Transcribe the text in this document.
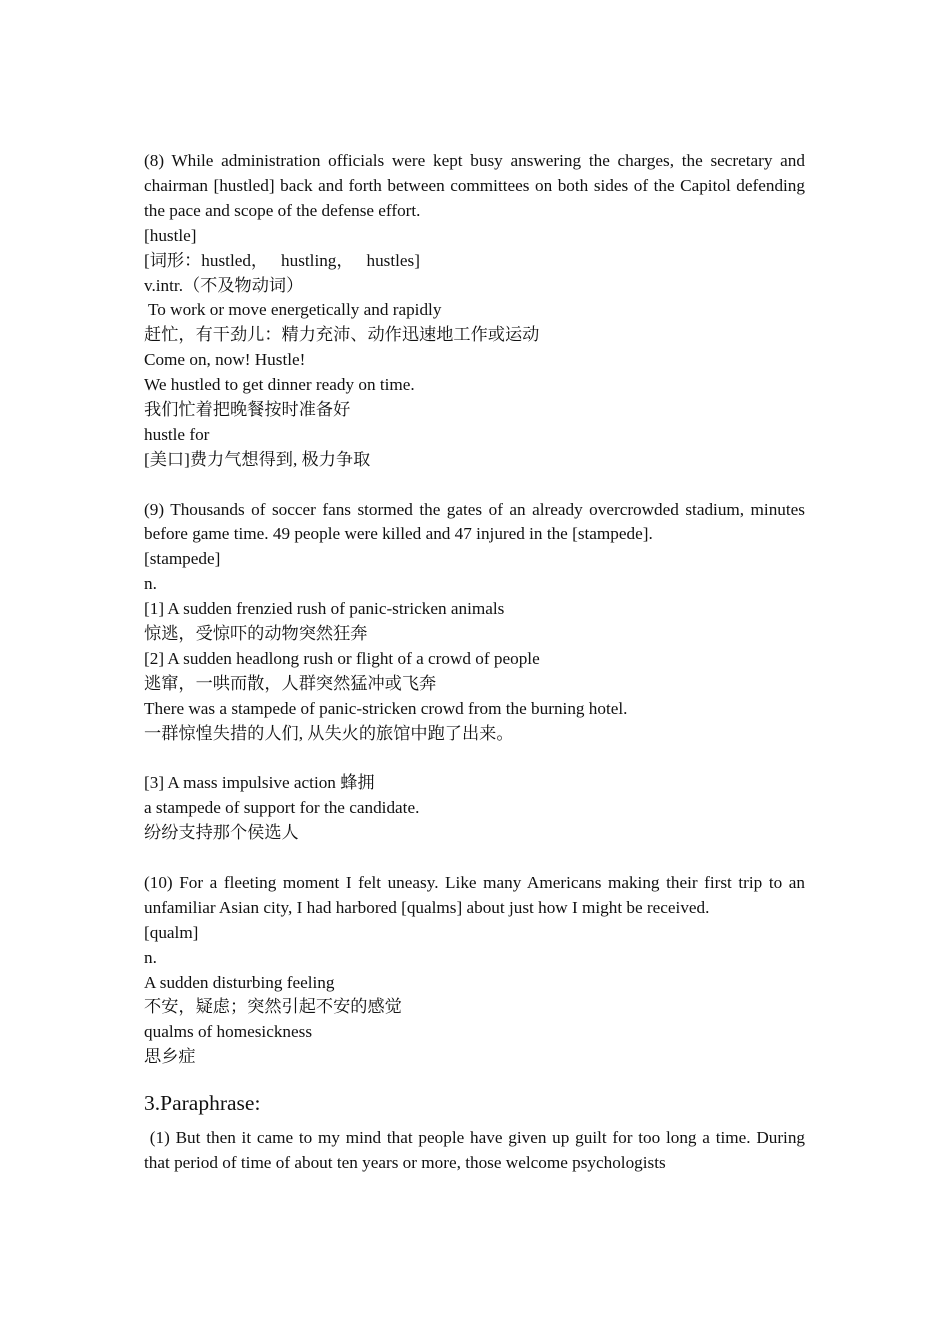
(8) While administration officials were kept busy answering the charges, the secretary and chairman [hustled] back and forth between committees on both sides of the Capitol defending the pace and scope of the defense effort.

[hustle]
[词形：hustled，   hustling，   hustles]
v.intr.（不及物动词）
To work or move energetically and rapidly
赶忙，有干劲儿：精力充沛、动作迅速地工作或运动
Come on, now! Hustle!
We hustled to get dinner ready on time.
我们忙着把晚餐按时准备好
hustle for
[美口]费力气想得到, 极力争取

(9) Thousands of soccer fans stormed the gates of an already overcrowded stadium, minutes before game time. 49 people were killed and 47 injured in the [stampede].

[stampede]
n.
[1] A sudden frenzied rush of panic-stricken animals
惊逃，受惊吓的动物突然狂奔
[2] A sudden headlong rush or flight of a crowd of people
逃窜，一哄而散，人群突然猛冲或飞奔
There was a stampede of panic-stricken crowd from the burning hotel.
一群惊惶失措的人们, 从失火的旅馆中跑了出来。
[3] A mass impulsive action 蜂拥
a stampede of support for the candidate.
纷纷支持那个侯选人

(10) For a fleeting moment I felt uneasy. Like many Americans making their first trip to an unfamiliar Asian city, I had harbored [qualms] about just how I might be received.

[qualm]
n.
A sudden disturbing feeling
不安，疑虑；突然引起不安的感觉
qualms of homesickness
思乡症
3.Paraphrase:

(1) But then it came to my mind that people have given up guilt for too long a time. During that period of time of about ten years or more, those welcome psychologists
